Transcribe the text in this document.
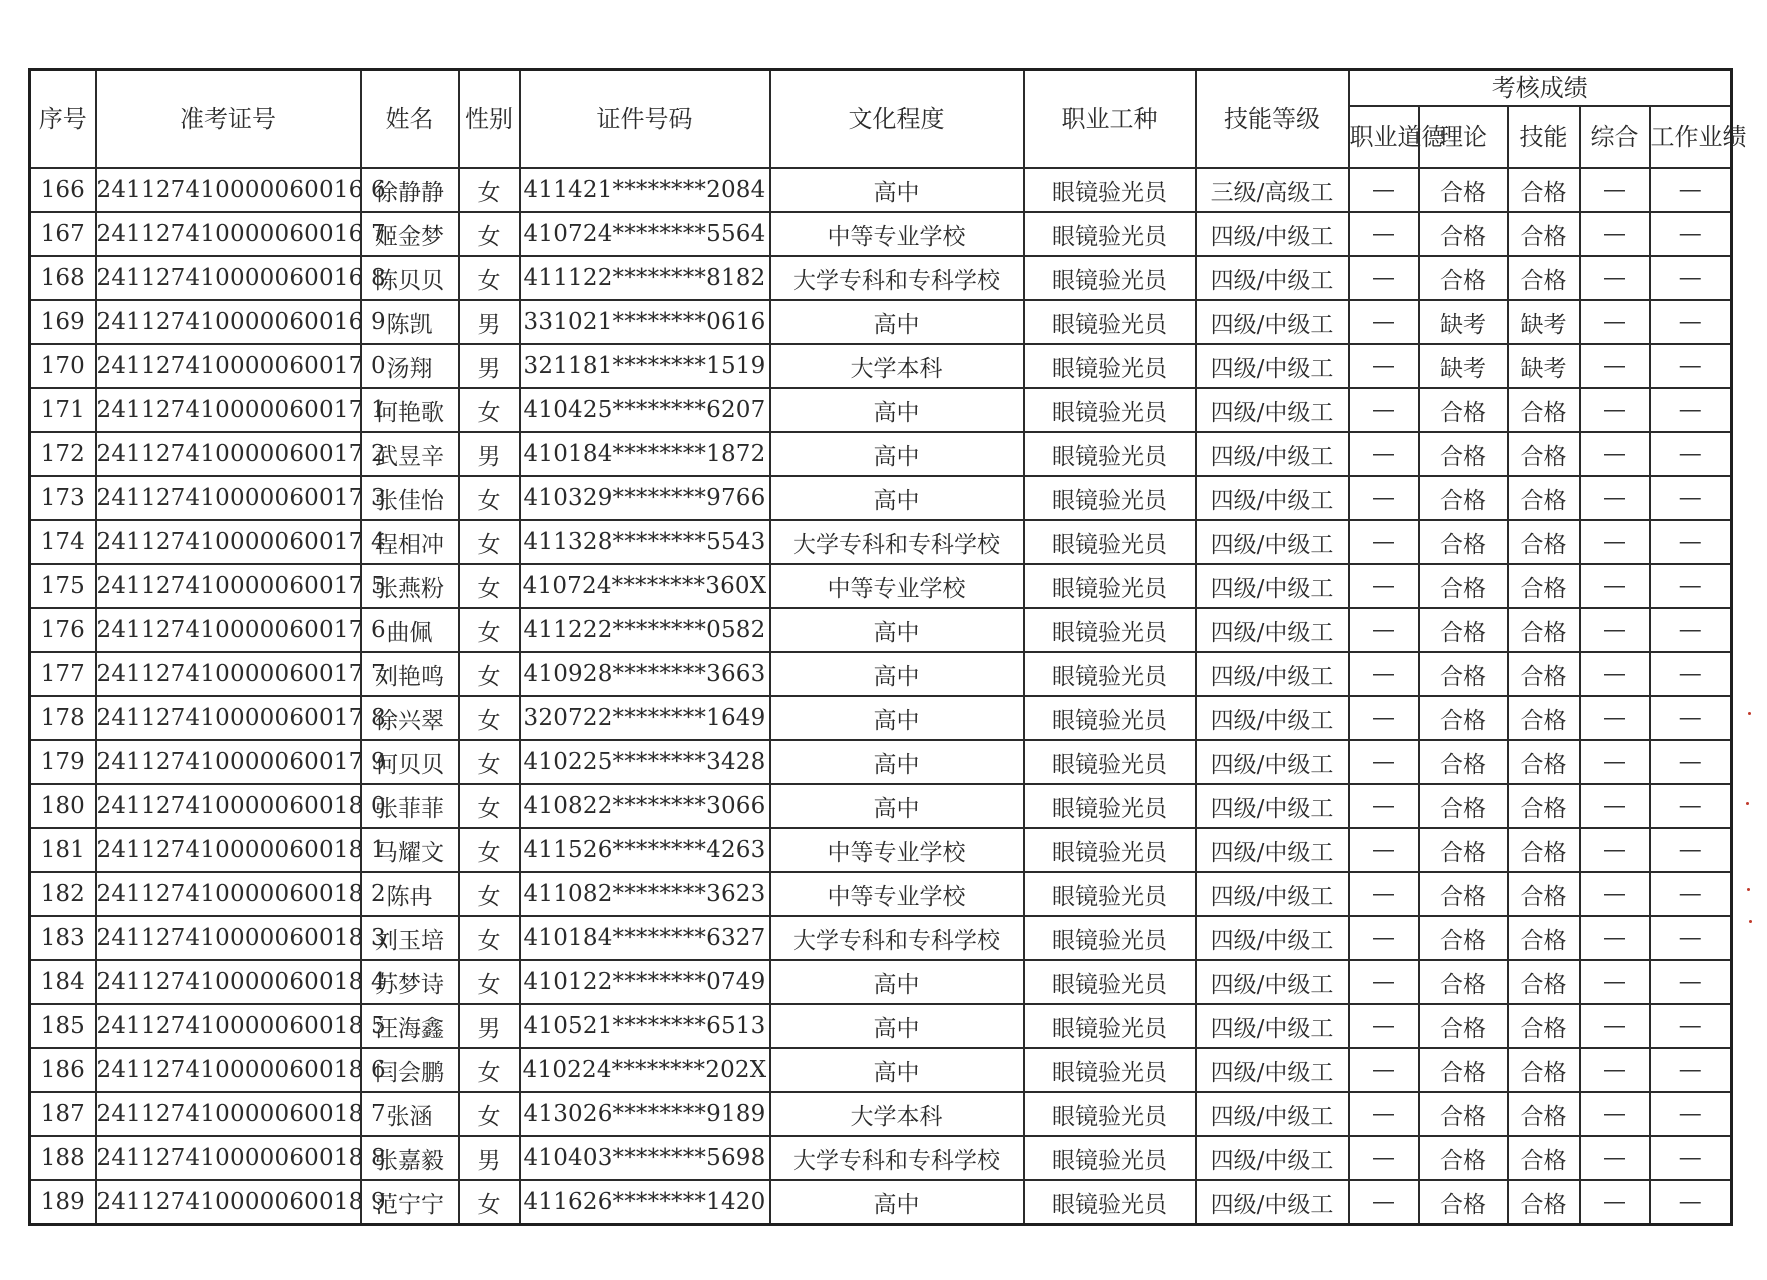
序号	准考证号	姓名	性别	证件号码	文化程度	职业工种	技能等级	考核成绩				
								职业道德	理论	技能	综合	工作业绩
166	241127410000060016 6	徐静静	女	411421********2084	高中	眼镜验光员	三级/高级工	—	合格	合格	—	—
167	241127410000060016 7	姬金梦	女	410724********5564	中等专业学校	眼镜验光员	四级/中级工	—	合格	合格	—	—
168	241127410000060016 8	陈贝贝	女	411122********8182	大学专科和专科学校	眼镜验光员	四级/中级工	—	合格	合格	—	—
169	241127410000060016 9	陈凯	男	331021********0616	高中	眼镜验光员	四级/中级工	—	缺考	缺考	—	—
170	241127410000060017 0	汤翔	男	321181********1519	大学本科	眼镜验光员	四级/中级工	—	缺考	缺考	—	—
171	241127410000060017 1	何艳歌	女	410425********6207	高中	眼镜验光员	四级/中级工	—	合格	合格	—	—
172	241127410000060017 2	武昱辛	男	410184********1872	高中	眼镜验光员	四级/中级工	—	合格	合格	—	—
173	241127410000060017 3	张佳怡	女	410329********9766	高中	眼镜验光员	四级/中级工	—	合格	合格	—	—
174	241127410000060017 4	程相冲	女	411328********5543	大学专科和专科学校	眼镜验光员	四级/中级工	—	合格	合格	—	—
175	241127410000060017 5	张燕粉	女	410724********360X	中等专业学校	眼镜验光员	四级/中级工	—	合格	合格	—	—
176	241127410000060017 6	曲佩	女	411222********0582	高中	眼镜验光员	四级/中级工	—	合格	合格	—	—
177	241127410000060017 7	刘艳鸣	女	410928********3663	高中	眼镜验光员	四级/中级工	—	合格	合格	—	—
178	241127410000060017 8	徐兴翠	女	320722********1649	高中	眼镜验光员	四级/中级工	—	合格	合格	—	—
179	241127410000060017 9	何贝贝	女	410225********3428	高中	眼镜验光员	四级/中级工	—	合格	合格	—	—
180	241127410000060018 0	张菲菲	女	410822********3066	高中	眼镜验光员	四级/中级工	—	合格	合格	—	—
181	241127410000060018 1	马耀文	女	411526********4263	中等专业学校	眼镜验光员	四级/中级工	—	合格	合格	—	—
182	241127410000060018 2	陈冉	女	411082********3623	中等专业学校	眼镜验光员	四级/中级工	—	合格	合格	—	—
183	241127410000060018 3	刘玉培	女	410184********6327	大学专科和专科学校	眼镜验光员	四级/中级工	—	合格	合格	—	—
184	241127410000060018 4	苏梦诗	女	410122********0749	高中	眼镜验光员	四级/中级工	—	合格	合格	—	—
185	241127410000060018 5	汪海鑫	男	410521********6513	高中	眼镜验光员	四级/中级工	—	合格	合格	—	—
186	241127410000060018 6	闫会鹏	女	410224********202X	高中	眼镜验光员	四级/中级工	—	合格	合格	—	—
187	241127410000060018 7	张涵	女	413026********9189	大学本科	眼镜验光员	四级/中级工	—	合格	合格	—	—
188	241127410000060018 8	张嘉毅	男	410403********5698	大学专科和专科学校	眼镜验光员	四级/中级工	—	合格	合格	—	—
189	241127410000060018 9	范宁宁	女	411626********1420	高中	眼镜验光员	四级/中级工	—	合格	合格	—	—
